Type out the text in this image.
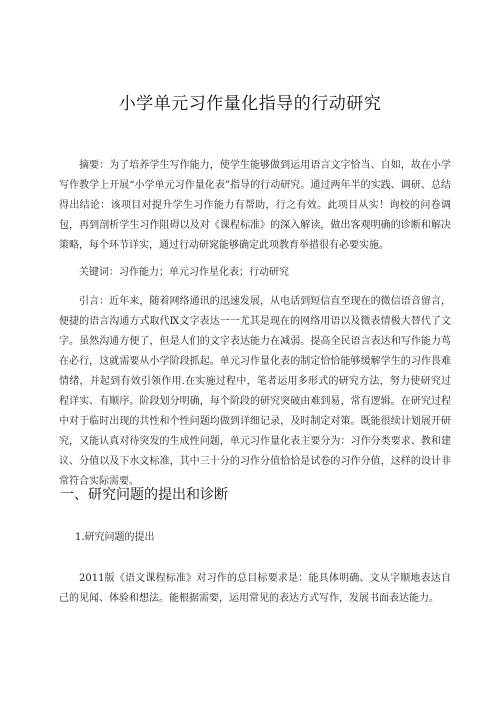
小学单元习作量化指导的行动研究

摘要：为了培养学生写作能力，使学生能够做到运用语言文字恰当、自如，故在小学写作教学上开展“小学单元习作量化表”指导的行动研究。通过两年半的实践、调研、总结得出结论：该项目对提升学生习作能力有帮助，行之有效。此项目从实！询校的问卷调包，再到剖析学生习作阻碍以及对《课程标准》的深入解读，做出客观明确的诊断和解决策略，每个环节详实，通过行动研窕能够确定此项教育举措很有必要实施。

关键词：习作能力；单元习作星化表；行动研究

引言：近年来，随着网络通讯的迅速发展，从电话到短信直至现在的微信语音留言，便捷的语言沟通方式取代Ⅸ文字表达一一尤其是现在的网络用语以及微表情极大替代了文字。虽然沟通方便了，但是人们的文字表达能力在减弱。提高全民语言表达和写作能力茑在必行，这就需要从小学阶段抓起。单元习作量化表的制定恰恰能够缓解学生的习作畏难情绪，并起到有效引领作用.在实施过程中，笔者运用多形式的研究方法，努力使研究过程详实、有顺序。阶段划分明确，每个阶段的研究突破由难到易，常有逻辑。在研究过程中对于临时出现的共性和个性问题均做到详细记录，及时制定对策。既能很续计划展开研究，又能认真对待突发的生成性问题，单元习作量化表主要分为：习作分类要求、教和建议、分值以及下水文标准，其中三十分的习作分值恰恰是试卷的习作分值，这样的设计非常符合实际需要。

一、研究问题的提出和诊断
1.研究问题的提出

2011版《语文课程标准》对习作的总目标要求是：能具体明确、文从字顺地表达自己的见闻、体验和想法。能根据需要，运用常见的表达方式写作，发展书面表达能力。
